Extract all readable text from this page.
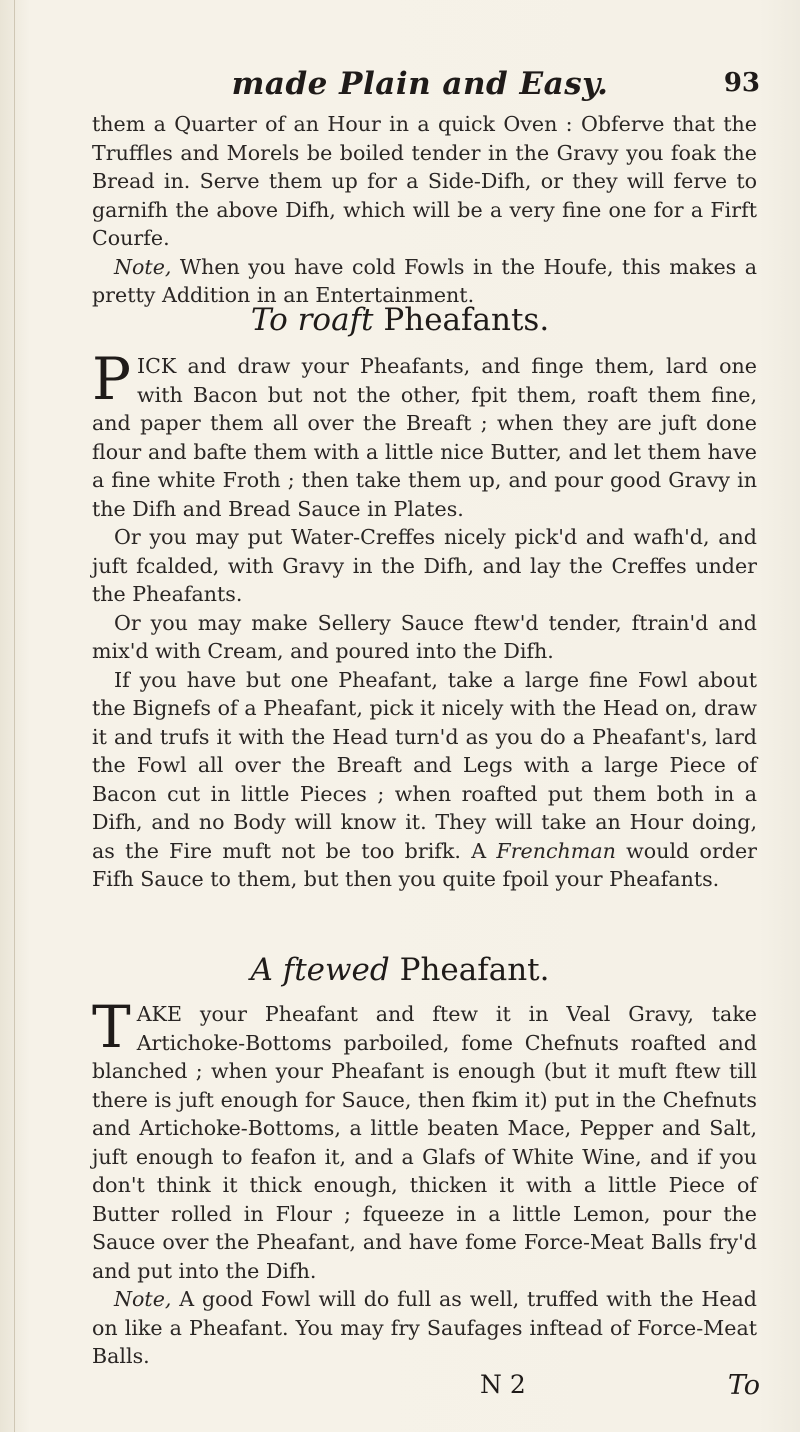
made Plain and Easy.	93

them a Quarter of an Hour in a quick Oven : Obferve that the Truffles and Morels be boiled tender in the Gravy you foak the Bread in. Serve them up for a Side-Difh, or they will ferve to garnifh the above Difh, which will be a very fine one for a Firft Courfe.

Note, When you have cold Fowls in the Houfe, this makes a pretty Addition in an Entertainment.

To roaft Pheafants.

PICK and draw your Pheafants, and finge them, lard one with Bacon but not the other, fpit them, roaft them fine, and paper them all over the Breaft ; when they are juft done flour and bafte them with a little nice Butter, and let them have a fine white Froth ; then take them up, and pour good Gravy in the Difh and Bread Sauce in Plates.

Or you may put Water-Creffes nicely pick'd and wafh'd, and juft fcalded, with Gravy in the Difh, and lay the Creffes under the Pheafants.

Or you may make Sellery Sauce ftew'd tender, ftrain'd and mix'd with Cream, and poured into the Difh.

If you have but one Pheafant, take a large fine Fowl about the Bignefs of a Pheafant, pick it nicely with the Head on, draw it and trufs it with the Head turn'd as you do a Pheafant's, lard the Fowl all over the Breaft and Legs with a large Piece of Bacon cut in little Pieces ; when roafted put them both in a Difh, and no Body will know it. They will take an Hour doing, as the Fire muft not be too brifk. A Frenchman would order Fifh Sauce to them, but then you quite fpoil your Pheafants.

A ftewed Pheafant.

TAKE your Pheafant and ftew it in Veal Gravy, take Artichoke-Bottoms parboiled, fome Chefnuts roafted and blanched ; when your Pheafant is enough (but it muft ftew till there is juft enough for Sauce, then fkim it) put in the Chefnuts and Artichoke-Bottoms, a little beaten Mace, Pepper and Salt, juft enough to feafon it, and a Glafs of White Wine, and if you don't think it thick enough, thicken it with a little Piece of Butter rolled in Flour ; fqueeze in a little Lemon, pour the Sauce over the Pheafant, and have fome Force-Meat Balls fry'd and put into the Difh.

Note, A good Fowl will do full as well, truffed with the Head on like a Pheafant. You may fry Saufages inftead of Force-Meat Balls.

N 2	To
